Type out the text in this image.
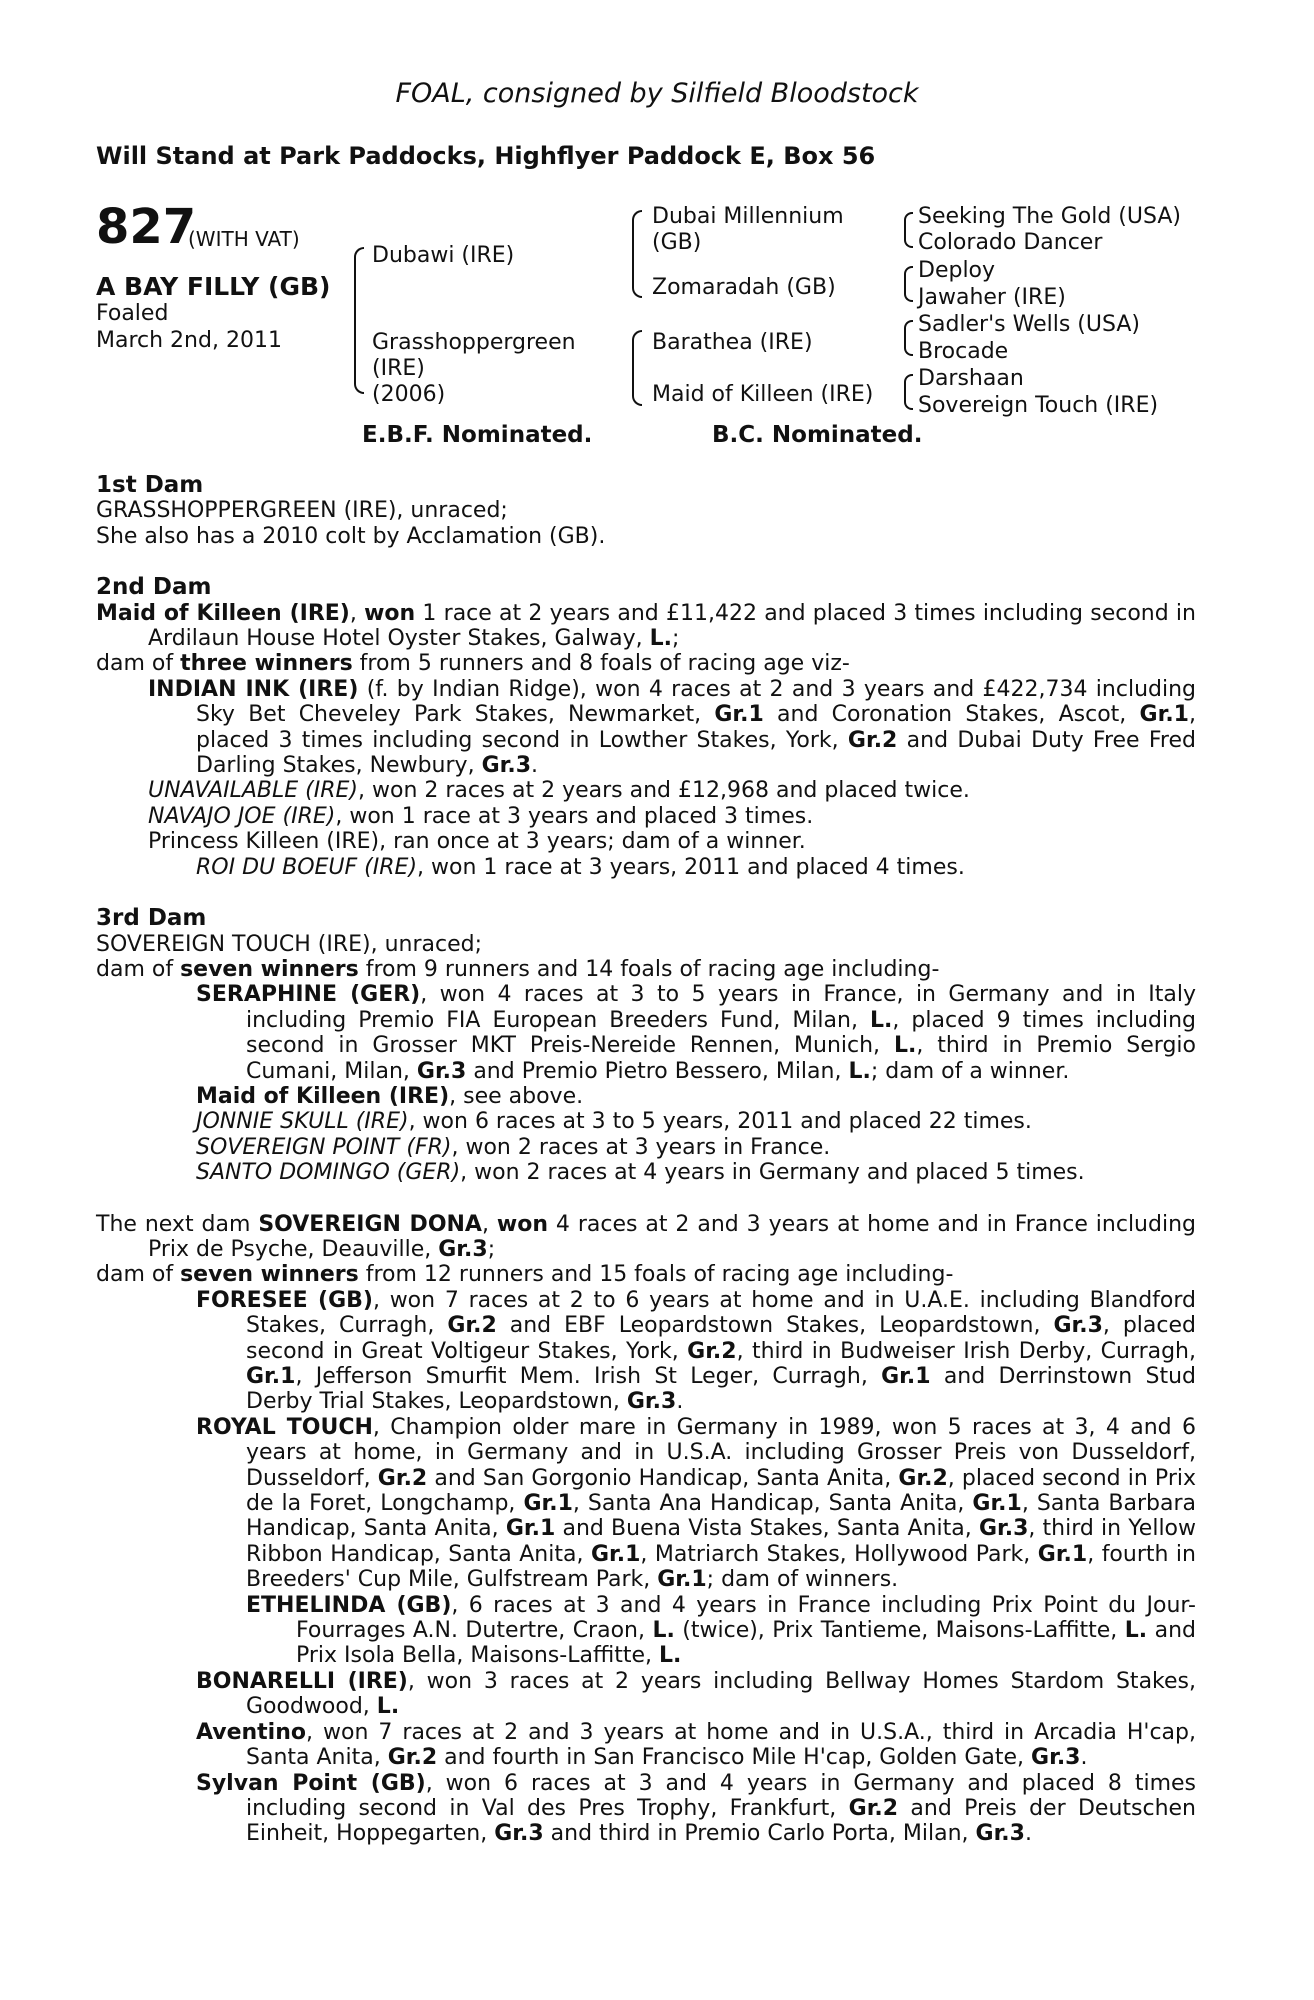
FOAL, consigned by Silfield Bloodstock
Will Stand at Park Paddocks, Highflyer Paddock E, Box 56
827
(WITH VAT)
A BAY FILLY (GB)
Foaled
March 2nd, 2011
Dubawi (IRE)
Grasshoppergreen
(IRE)
(2006)
Dubai Millennium
(GB)
Zomaradah (GB)
Barathea (IRE)
Maid of Killeen (IRE)
Seeking The Gold (USA)
Colorado Dancer
Deploy
Jawaher (IRE)
Sadler's Wells (USA)
Brocade
Darshaan
Sovereign Touch (IRE)
E.B.F. Nominated.	B.C. Nominated.

1st Dam

GRASSHOPPERGREEN (IRE), unraced;

She also has a 2010 colt by Acclamation (GB).

2nd Dam

Maid of Killeen (IRE), won 1 race at 2 years and £11,422 and placed 3 times including second in Ardilaun House Hotel Oyster Stakes, Galway, L.;

dam of three winners from 5 runners and 8 foals of racing age viz-

INDIAN INK (IRE) (f. by Indian Ridge), won 4 races at 2 and 3 years and £422,734 including Sky Bet Cheveley Park Stakes, Newmarket, Gr.1 and Coronation Stakes, Ascot, Gr.1, placed 3 times including second in Lowther Stakes, York, Gr.2 and Dubai Duty Free Fred Darling Stakes, Newbury, Gr.3.

UNAVAILABLE (IRE), won 2 races at 2 years and £12,968 and placed twice.

NAVAJO JOE (IRE), won 1 race at 3 years and placed 3 times.

Princess Killeen (IRE), ran once at 3 years; dam of a winner.

ROI DU BOEUF (IRE), won 1 race at 3 years, 2011 and placed 4 times.

3rd Dam

SOVEREIGN TOUCH (IRE), unraced;

dam of seven winners from 9 runners and 14 foals of racing age including-

SERAPHINE (GER), won 4 races at 3 to 5 years in France, in Germany and in Italy including Premio FIA European Breeders Fund, Milan, L., placed 9 times including second in Grosser MKT Preis-Nereide Rennen, Munich, L., third in Premio Sergio Cumani, Milan, Gr.3 and Premio Pietro Bessero, Milan, L.; dam of a winner.

Maid of Killeen (IRE), see above.

JONNIE SKULL (IRE), won 6 races at 3 to 5 years, 2011 and placed 22 times.

SOVEREIGN POINT (FR), won 2 races at 3 years in France.

SANTO DOMINGO (GER), won 2 races at 4 years in Germany and placed 5 times.

The next dam SOVEREIGN DONA, won 4 races at 2 and 3 years at home and in France including Prix de Psyche, Deauville, Gr.3;

dam of seven winners from 12 runners and 15 foals of racing age including-

FORESEE (GB), won 7 races at 2 to 6 years at home and in U.A.E. including Blandford Stakes, Curragh, Gr.2 and EBF Leopardstown Stakes, Leopardstown, Gr.3, placed second in Great Voltigeur Stakes, York, Gr.2, third in Budweiser Irish Derby, Curragh, Gr.1, Jefferson Smurfit Mem. Irish St Leger, Curragh, Gr.1 and Derrinstown Stud Derby Trial Stakes, Leopardstown, Gr.3.

ROYAL TOUCH, Champion older mare in Germany in 1989, won 5 races at 3, 4 and 6 years at home, in Germany and in U.S.A. including Grosser Preis von Dusseldorf, Dusseldorf, Gr.2 and San Gorgonio Handicap, Santa Anita, Gr.2, placed second in Prix de la Foret, Longchamp, Gr.1, Santa Ana Handicap, Santa Anita, Gr.1, Santa Barbara Handicap, Santa Anita, Gr.1 and Buena Vista Stakes, Santa Anita, Gr.3, third in Yellow Ribbon Handicap, Santa Anita, Gr.1, Matriarch Stakes, Hollywood Park, Gr.1, fourth in Breeders' Cup Mile, Gulfstream Park, Gr.1; dam of winners.

ETHELINDA (GB), 6 races at 3 and 4 years in France including Prix Point du Jour-Fourrages A.N. Dutertre, Craon, L. (twice), Prix Tantieme, Maisons-Laffitte, L. and Prix Isola Bella, Maisons-Laffitte, L.

BONARELLI (IRE), won 3 races at 2 years including Bellway Homes Stardom Stakes, Goodwood, L.

Aventino, won 7 races at 2 and 3 years at home and in U.S.A., third in Arcadia H'cap, Santa Anita, Gr.2 and fourth in San Francisco Mile H'cap, Golden Gate, Gr.3.

Sylvan Point (GB), won 6 races at 3 and 4 years in Germany and placed 8 times including second in Val des Pres Trophy, Frankfurt, Gr.2 and Preis der Deutschen Einheit, Hoppegarten, Gr.3 and third in Premio Carlo Porta, Milan, Gr.3.
